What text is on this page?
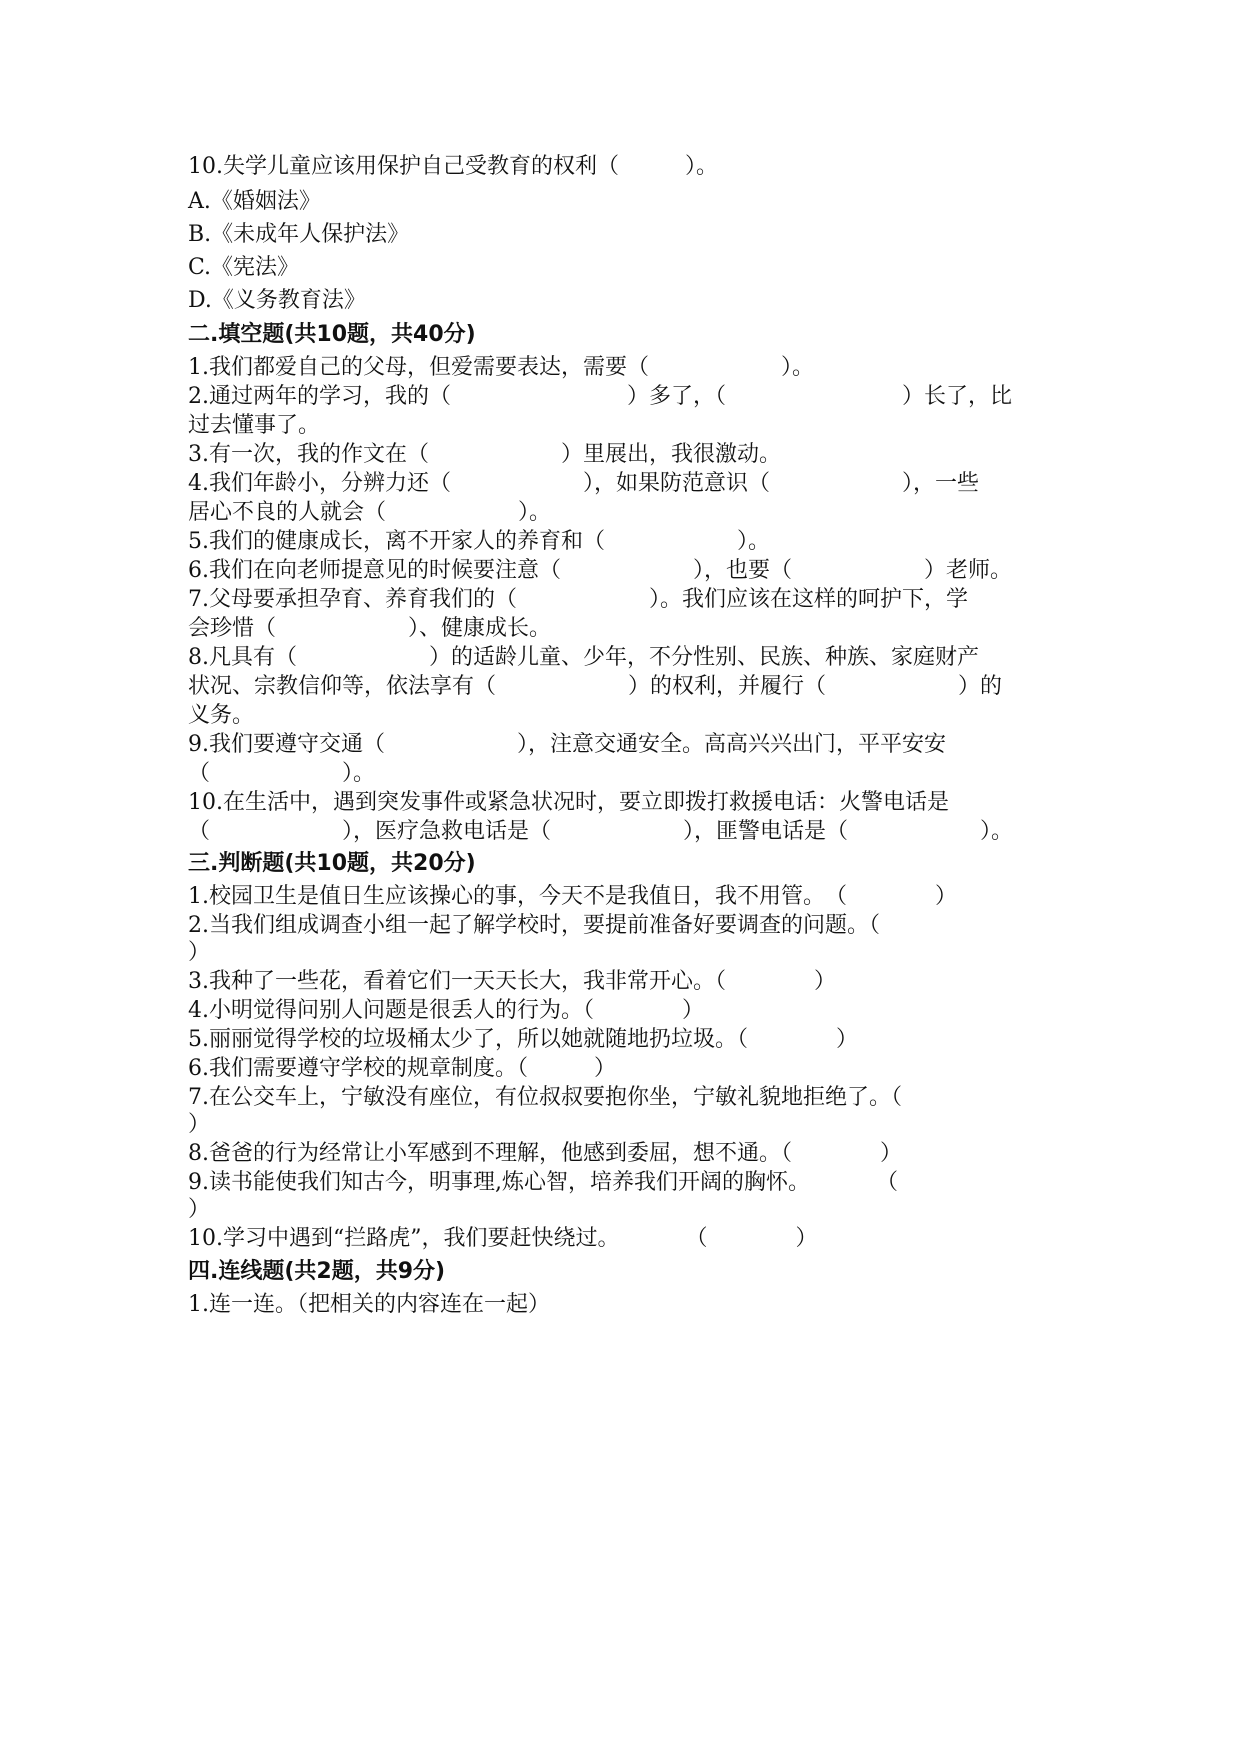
10.失学儿童应该用保护自己受教育的权利（　　　）。
A.《婚姻法》
B.《未成年人保护法》
C.《宪法》
D.《义务教育法》
二.填空题(共10题，共40分)
1.我们都爱自己的父母，但爱需要表达，需要（　　　　　　）。
2.通过两年的学习，我的（　　　　　　　　）多了，（　　　　　　　　）长了，比
过去懂事了。
3.有一次，我的作文在（　　　　　　）里展出，我很激动。
4.我们年龄小，分辨力还（　　　　　　），如果防范意识（　　　　　　），一些
居心不良的人就会（　　　　　　）。
5.我们的健康成长，离不开家人的养育和（　　　　　　）。
6.我们在向老师提意见的时候要注意（　　　　　　），也要（　　　　　　）老师。
7.父母要承担孕育、养育我们的（　　　　　　）。我们应该在这样的呵护下，学
会珍惜（　　　　　　）、健康成长。
8.凡具有（　　　　　　）的适龄儿童、少年，不分性别、民族、种族、家庭财产
状况、宗教信仰等，依法享有（　　　　　　）的权利，并履行（　　　　　　）的
义务。
9.我们要遵守交通（　　　　　　），注意交通安全。高高兴兴出门，平平安安
（　　　　　　）。
10.在生活中，遇到突发事件或紧急状况时，要立即拨打救援电话：火警电话是
（　　　　　　），医疗急救电话是（　　　　　　），匪警电话是（　　　　　　）。
三.判断题(共10题，共20分)
1.校园卫生是值日生应该操心的事，今天不是我值日，我不用管。　（　　　　）
2.当我们组成调查小组一起了解学校时，要提前准备好要调查的问题。（
）
3.我种了一些花，看着它们一天天长大，我非常开心。（　　　　）
4.小明觉得问别人问题是很丢人的行为。（　　　　）
5.丽丽觉得学校的垃圾桶太少了，所以她就随地扔垃圾。（　　　　）
6.我们需要遵守学校的规章制度。（　　　）
7.在公交车上，宁敏没有座位，有位叔叔要抱你坐，宁敏礼貌地拒绝了。（
）
8.爸爸的行为经常让小军感到不理解，他感到委屈，想不通。（　　　　）
9.读书能使我们知古今，明事理,炼心智，培养我们开阔的胸怀。　　　　（
）
10.学习中遇到“拦路虎”，我们要赶快绕过。　　　　（　　　　）
四.连线题(共2题，共9分)
1.连一连。（把相关的内容连在一起）
